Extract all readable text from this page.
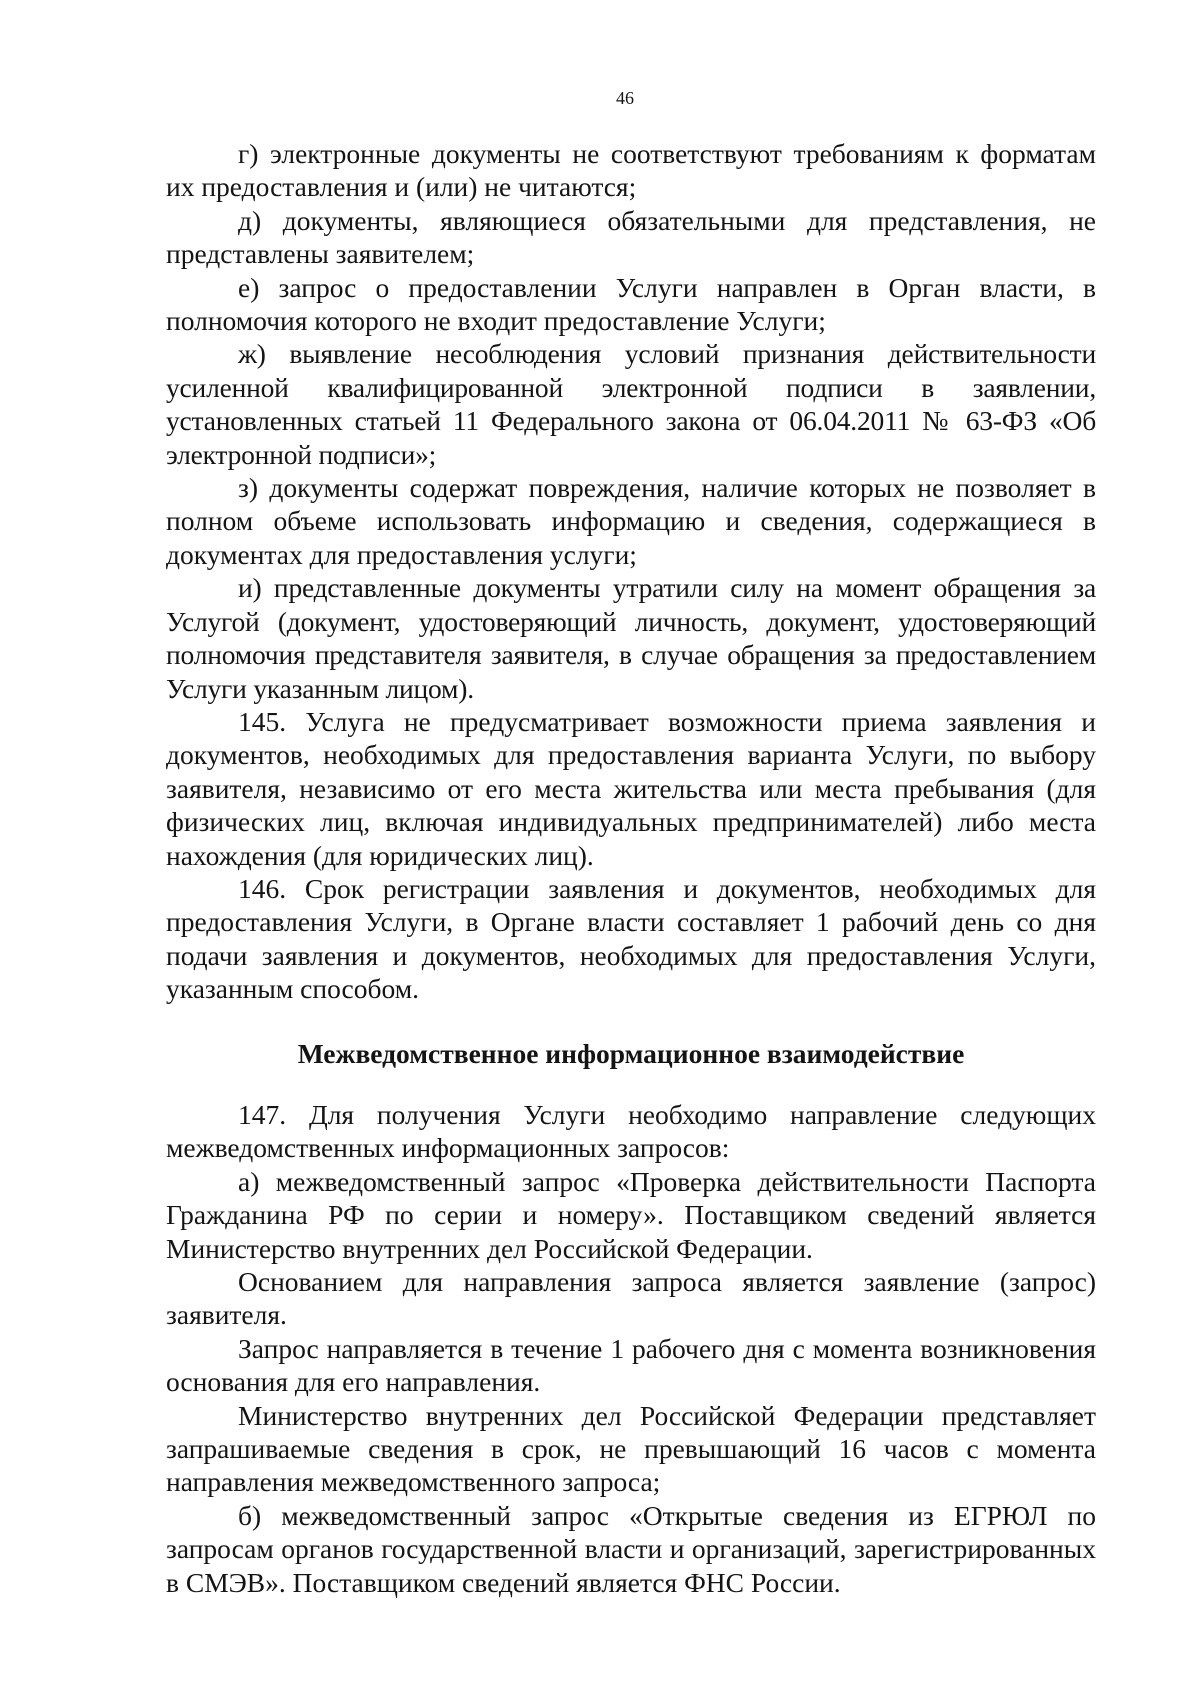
46

г) электронные документы не соответствуют требованиям к форматам их предоставления и (или) не читаются;

д) документы, являющиеся обязательными для представления, не представлены заявителем;

е) запрос о предоставлении Услуги направлен в Орган власти, в полномочия которого не входит предоставление Услуги;

ж) выявление несоблюдения условий признания действительности усиленной квалифицированной электронной подписи в заявлении, установленных статьей 11 Федерального закона от 06.04.2011 № 63-ФЗ «Об электронной подписи»;

з) документы содержат повреждения, наличие которых не позволяет в полном объеме использовать информацию и сведения, содержащиеся в документах для предоставления услуги;

и) представленные документы утратили силу на момент обращения за Услугой (документ, удостоверяющий личность, документ, удостоверяющий полномочия представителя заявителя, в случае обращения за предоставлением Услуги указанным лицом).

145. Услуга не предусматривает возможности приема заявления и документов, необходимых для предоставления варианта Услуги, по выбору заявителя, независимо от его места жительства или места пребывания (для физических лиц, включая индивидуальных предпринимателей) либо места нахождения (для юридических лиц).

146. Срок регистрации заявления и документов, необходимых для предоставления Услуги, в Органе власти составляет 1 рабочий день со дня подачи заявления и документов, необходимых для предоставления Услуги, указанным способом.

Межведомственное информационное взаимодействие

147. Для получения Услуги необходимо направление следующих межведомственных информационных запросов:

а) межведомственный запрос «Проверка действительности Паспорта Гражданина РФ по серии и номеру». Поставщиком сведений является Министерство внутренних дел Российской Федерации.

Основанием для направления запроса является заявление (запрос) заявителя.

Запрос направляется в течение 1 рабочего дня с момента возникновения основания для его направления.

Министерство внутренних дел Российской Федерации представляет запрашиваемые сведения в срок, не превышающий 16 часов с момента направления межведомственного запроса;

б) межведомственный запрос «Открытые сведения из ЕГРЮЛ по запросам органов государственной власти и организаций, зарегистрированных в СМЭВ». Поставщиком сведений является ФНС России.
